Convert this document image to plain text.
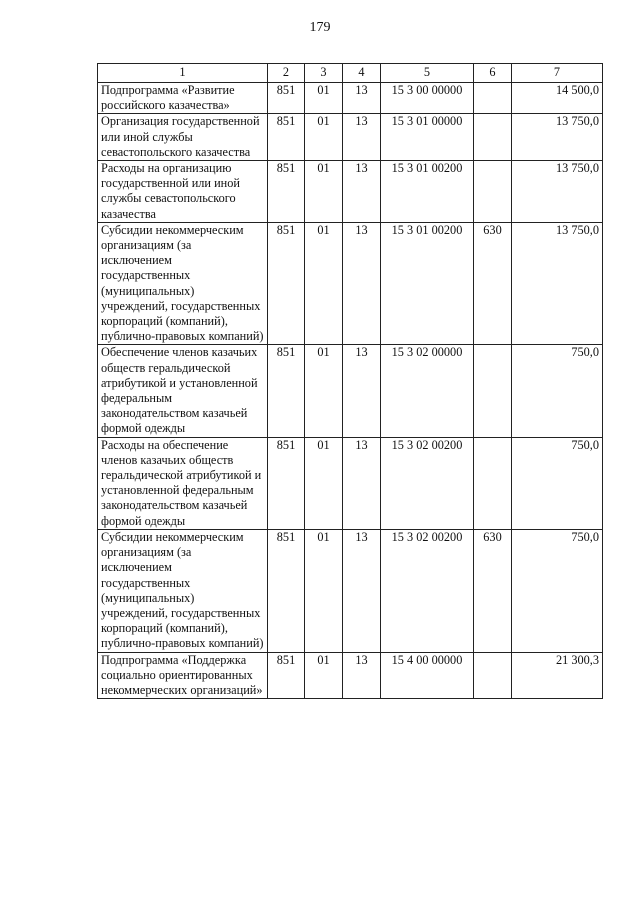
179
1	2	3	4	5	6	7
Подпрограмма «Развитие российского казачества»	851	01	13	15 3 00 00000		14 500,0
Организация государственной или иной службы севастопольского казачества	851	01	13	15 3 01 00000		13 750,0
Расходы на организацию государственной или иной службы севастопольского казачества	851	01	13	15 3 01 00200		13 750,0
Субсидии некоммерческим организациям (за исключением государственных (муниципальных) учреждений, государственных корпораций (компаний), публично-правовых компаний)	851	01	13	15 3 01 00200	630	13 750,0
Обеспечение членов казачьих обществ геральдической атрибутикой и установленной федеральным законодательством казачьей формой одежды	851	01	13	15 3 02 00000		750,0
Расходы на обеспечение членов казачьих обществ геральдической атрибутикой и установленной федеральным законодательством казачьей формой одежды	851	01	13	15 3 02 00200		750,0
Субсидии некоммерческим организациям (за исключением государственных (муниципальных) учреждений, государственных корпораций (компаний), публично-правовых компаний)	851	01	13	15 3 02 00200	630	750,0
Подпрограмма «Поддержка социально ориентированных некоммерческих организаций»	851	01	13	15 4 00 00000		21 300,3
